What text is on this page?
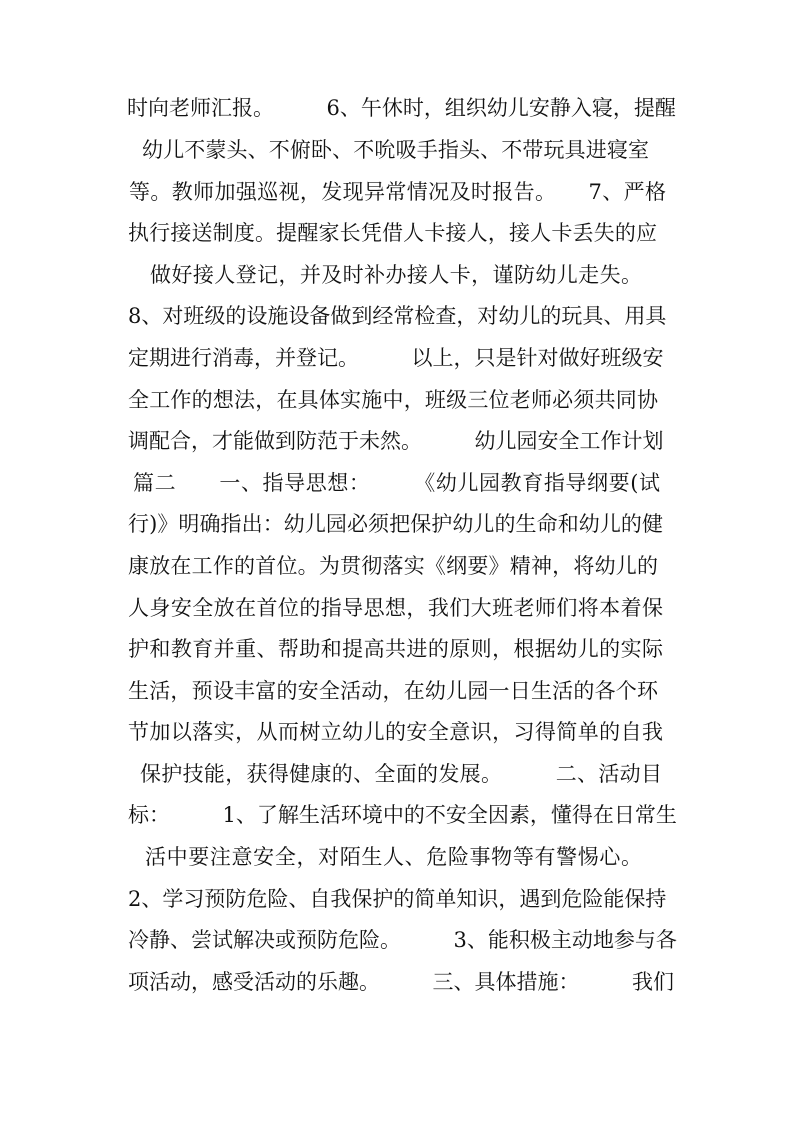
时向老师汇报。　　　6、午休时，组织幼儿安静入寝，提醒
幼儿不蒙头、不俯卧、不吮吸手指头、不带玩具进寝室
等。教师加强巡视，发现异常情况及时报告。　　7、严格
执行接送制度。提醒家长凭借人卡接人，接人卡丢失的应
做好接人登记，并及时补办接人卡，谨防幼儿走失。
8、对班级的设施设备做到经常检查，对幼儿的玩具、用具
定期进行消毒，并登记。　　　以上，只是针对做好班级安
全工作的想法，在具体实施中，班级三位老师必须共同协
调配合，才能做到防范于未然。　　　幼儿园安全工作计划
篇二　　一、指导思想：　　　《幼儿园教育指导纲要(试
行)》明确指出：幼儿园必须把保护幼儿的生命和幼儿的健
康放在工作的首位。为贯彻落实《纲要》精神，将幼儿的
人身安全放在首位的指导思想，我们大班老师们将本着保
护和教育并重、帮助和提高共进的原则，根据幼儿的实际
生活，预设丰富的安全活动，在幼儿园一日生活的各个环
节加以落实，从而树立幼儿的安全意识，习得简单的自我
保护技能，获得健康的、全面的发展。　　　二、活动目
标：　　　1、了解生活环境中的不安全因素，懂得在日常生
活中要注意安全，对陌生人、危险事物等有警惕心。
2、学习预防危险、自我保护的简单知识，遇到危险能保持
冷静、尝试解决或预防危险。　　　3、能积极主动地参与各
项活动，感受活动的乐趣。　　　三、具体措施：　　　我们
